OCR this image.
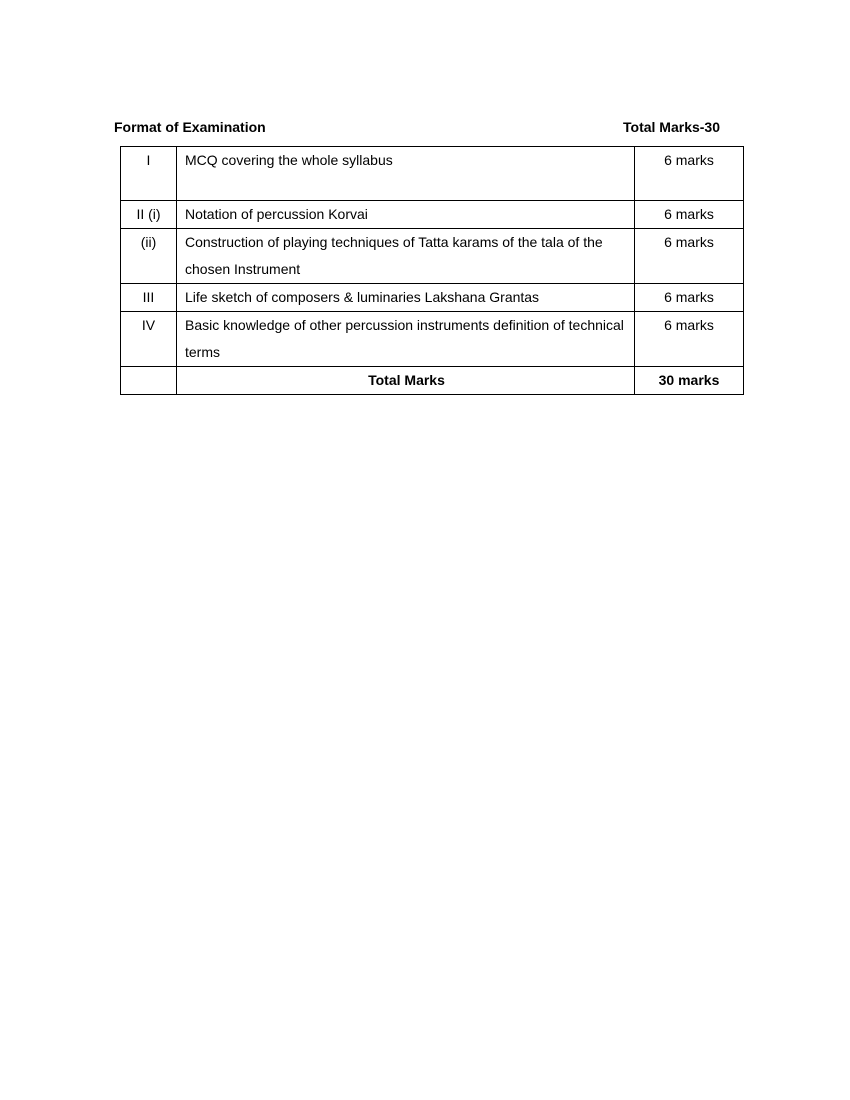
Format of Examination	Total Marks-30
I	MCQ covering the whole syllabus	6 marks
II (i)	Notation of percussion Korvai	6 marks
(ii)	Construction of playing techniques of Tatta karams of the tala of the chosen Instrument	6 marks
III	Life sketch of composers & luminaries Lakshana Grantas	6 marks
IV	Basic knowledge of other percussion instruments definition of technical terms	6 marks
	Total Marks	30 marks
